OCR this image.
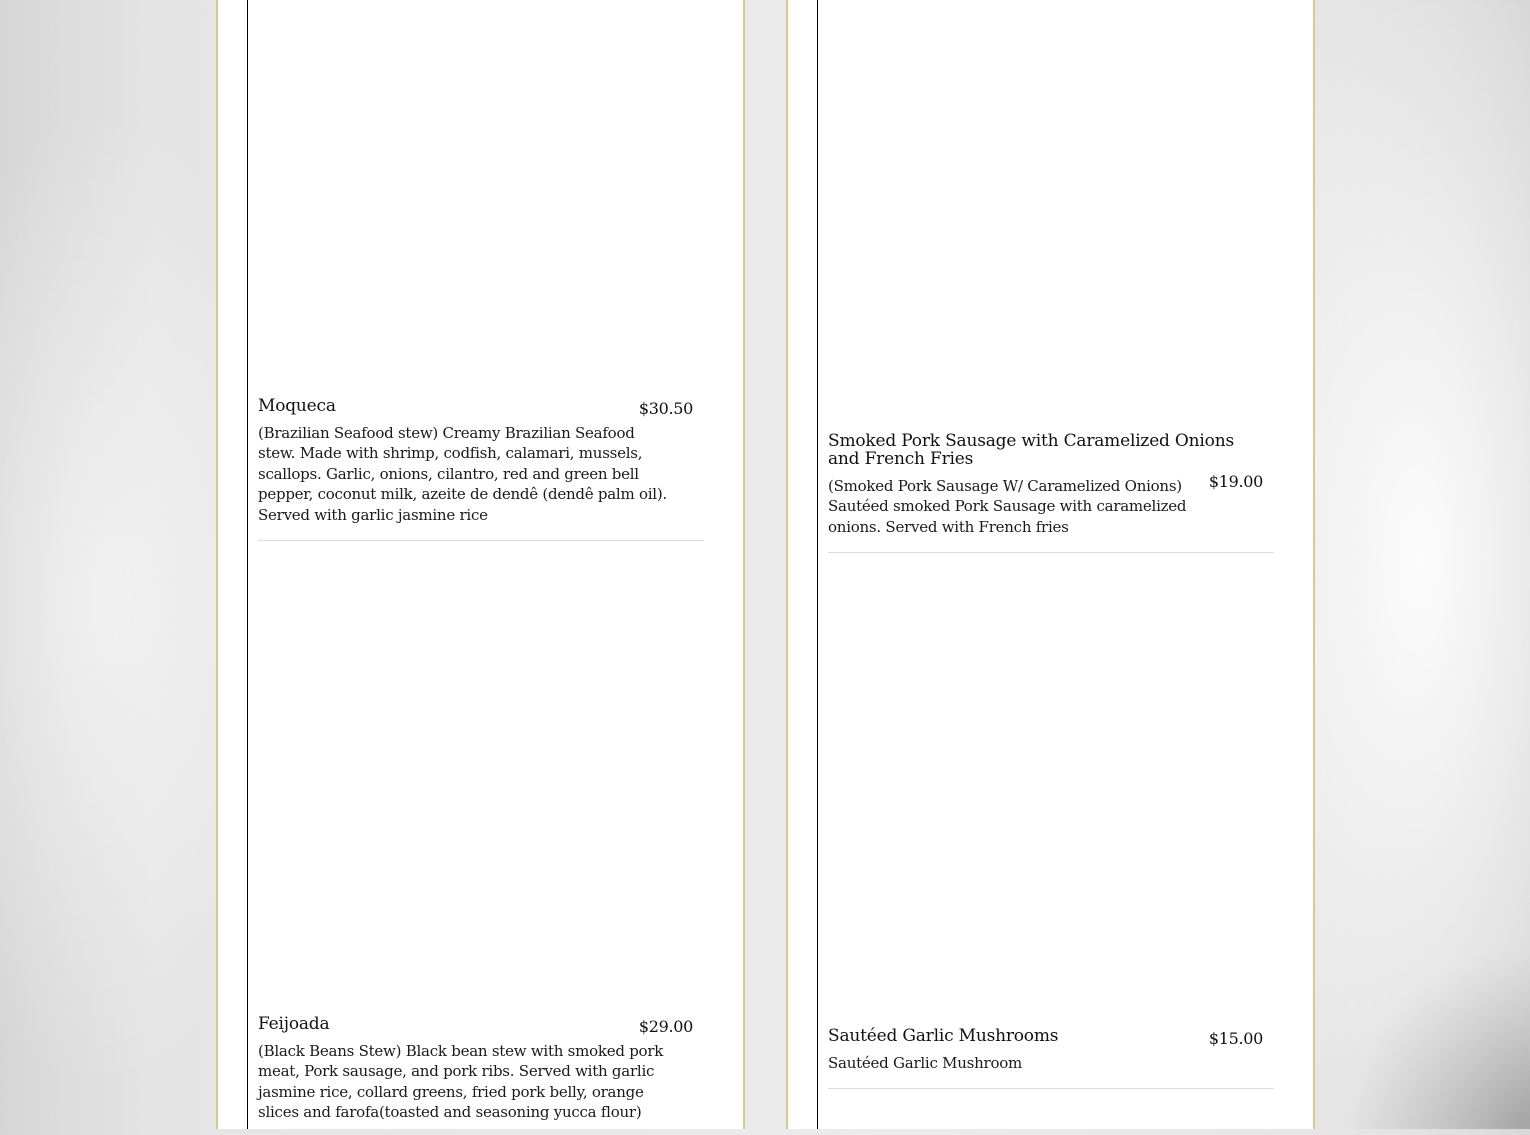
Moqueca	$30.50
(Brazilian Seafood stew) Creamy Brazilian Seafood stew. Made with shrimp, codfish, calamari, mussels, scallops. Garlic, onions, cilantro, red and green bell pepper, coconut milk, azeite de dendê (dendê palm oil). Served with garlic jasmine rice
Feijoada	$29.00
(Black Beans Stew) Black bean stew with smoked pork meat, Pork sausage, and pork ribs. Served with garlic jasmine rice, collard greens, fried pork belly, orange slices and farofa(toasted and seasoning yucca flour)
Smoked Pork Sausage with Caramelized Onions and French Fries
$19.00
(Smoked Pork Sausage W/ Caramelized Onions) Sautéed smoked Pork Sausage with caramelized onions. Served with French fries
Sautéed Garlic Mushrooms	$15.00
Sautéed Garlic Mushroom
